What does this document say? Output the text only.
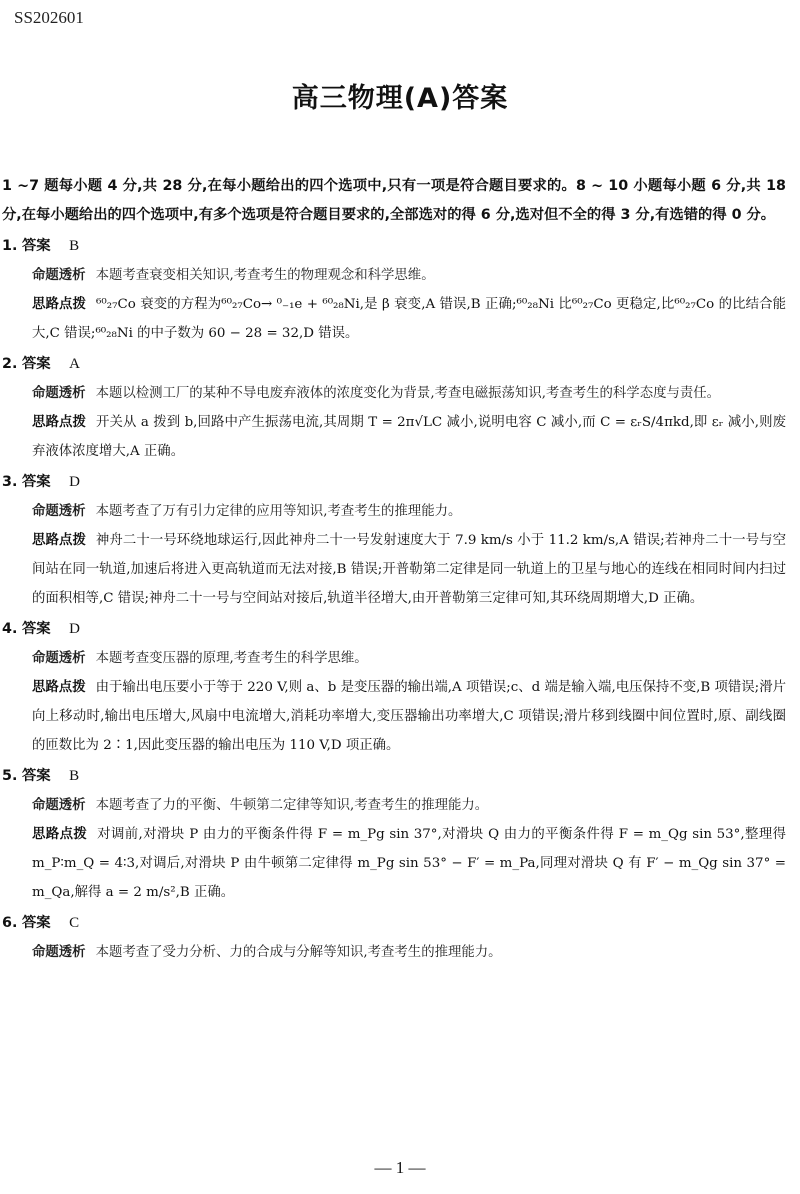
SS202601
高三物理(A)答案
1 ~7 题每小题 4 分,共 28 分,在每小题给出的四个选项中,只有一项是符合题目要求的。8 ~ 10 小题每小题 6 分,共 18 分,在每小题给出的四个选项中,有多个选项是符合题目要求的,全部选对的得 6 分,选对但不全的得 3 分,有选错的得 0 分。
1. 答案 B
命题透析 本题考查衰变相关知识,考查考生的物理观念和科学思维。
思路点拨 ⁶⁰₂₇Co 衰变的方程为⁶⁰₂₇Co→ ⁰₋₁e + ⁶⁰₂₈Ni,是 β 衰变,A 错误,B 正确;⁶⁰₂₈Ni 比⁶⁰₂₇Co 更稳定,比⁶⁰₂₇Co 的比结合能大,C 错误;⁶⁰₂₈Ni 的中子数为 60 − 28 = 32,D 错误。
2. 答案 A
命题透析 本题以检测工厂的某种不导电废弃液体的浓度变化为背景,考查电磁振荡知识,考查考生的科学态度与责任。
思路点拨 开关从 a 拨到 b,回路中产生振荡电流,其周期 T = 2π√LC 减小,说明电容 C 减小,而 C = εᵣS/4πkd,即 εᵣ 减小,则废弃液体浓度增大,A 正确。
3. 答案 D
命题透析 本题考查了万有引力定律的应用等知识,考查考生的推理能力。
思路点拨 神舟二十一号环绕地球运行,因此神舟二十一号发射速度大于 7.9 km/s 小于 11.2 km/s,A 错误;若神舟二十一号与空间站在同一轨道,加速后将进入更高轨道而无法对接,B 错误;开普勒第二定律是同一轨道上的卫星与地心的连线在相同时间内扫过的面积相等,C 错误;神舟二十一号与空间站对接后,轨道半径增大,由开普勒第三定律可知,其环绕周期增大,D 正确。
4. 答案 D
命题透析 本题考查变压器的原理,考查考生的科学思维。
思路点拨 由于输出电压要小于等于 220 V,则 a、b 是变压器的输出端,A 项错误;c、d 端是输入端,电压保持不变,B 项错误;滑片向上移动时,输出电压增大,风扇中电流增大,消耗功率增大,变压器输出功率增大,C 项错误;滑片移到线圈中间位置时,原、副线圈的匝数比为 2∶1,因此变压器的输出电压为 110 V,D 项正确。
5. 答案 B
命题透析 本题考查了力的平衡、牛顿第二定律等知识,考查考生的推理能力。
思路点拨 对调前,对滑块 P 由力的平衡条件得 F = m_Pg sin 37°,对滑块 Q 由力的平衡条件得 F = m_Qg sin 53°,整理得 m_P∶m_Q = 4∶3,对调后,对滑块 P 由牛顿第二定律得 m_Pg sin 53° − F′ = m_Pa,同理对滑块 Q 有 F′ − m_Qg sin 37° = m_Qa,解得 a = 2 m/s²,B 正确。
6. 答案 C
命题透析 本题考查了受力分析、力的合成与分解等知识,考查考生的推理能力。
— 1 —
